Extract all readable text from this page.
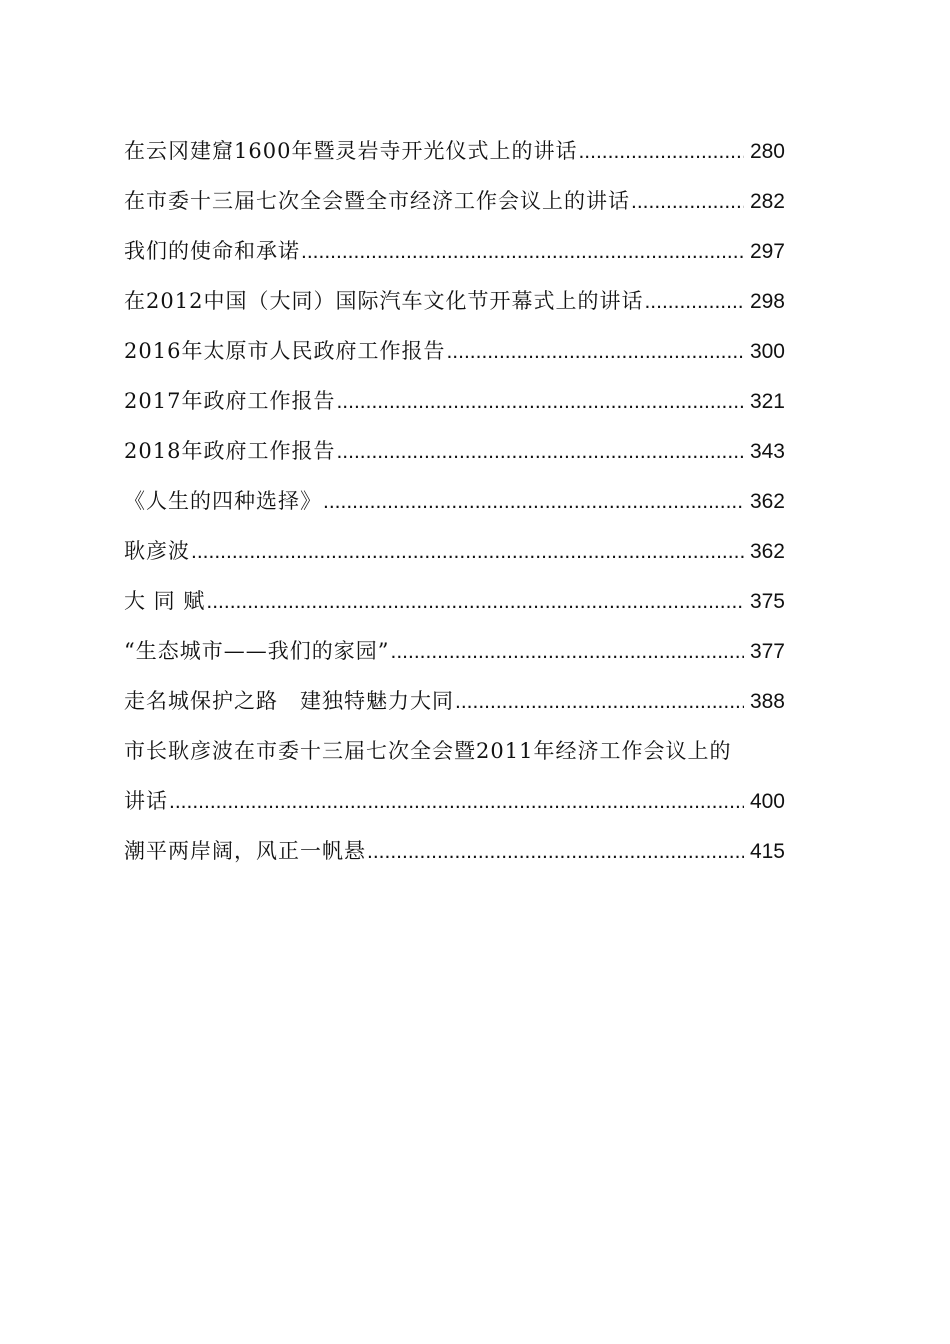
在云冈建窟1600年暨灵岩寺开光仪式上的讲话 .....	280
在市委十三届七次全会暨全市经济工作会议上的讲话 .....	282
我们的使命和承诺 .....	297
在2012中国（大同）国际汽车文化节开幕式上的讲话 .....	298
2016年太原市人民政府工作报告 .....	300
2017年政府工作报告 .....	321
2018年政府工作报告 .....	343
《人生的四种选择》 .....	362
耿彦波 .....	362
大 同 赋 .....	375
“生态城市——我们的家园” .....	377
走名城保护之路　建独特魅力大同 .....	388
市长耿彦波在市委十三届七次全会暨2011年经济工作会议上的
讲话 .....	400
潮平两岸阔，风正一帆悬 .....	415
